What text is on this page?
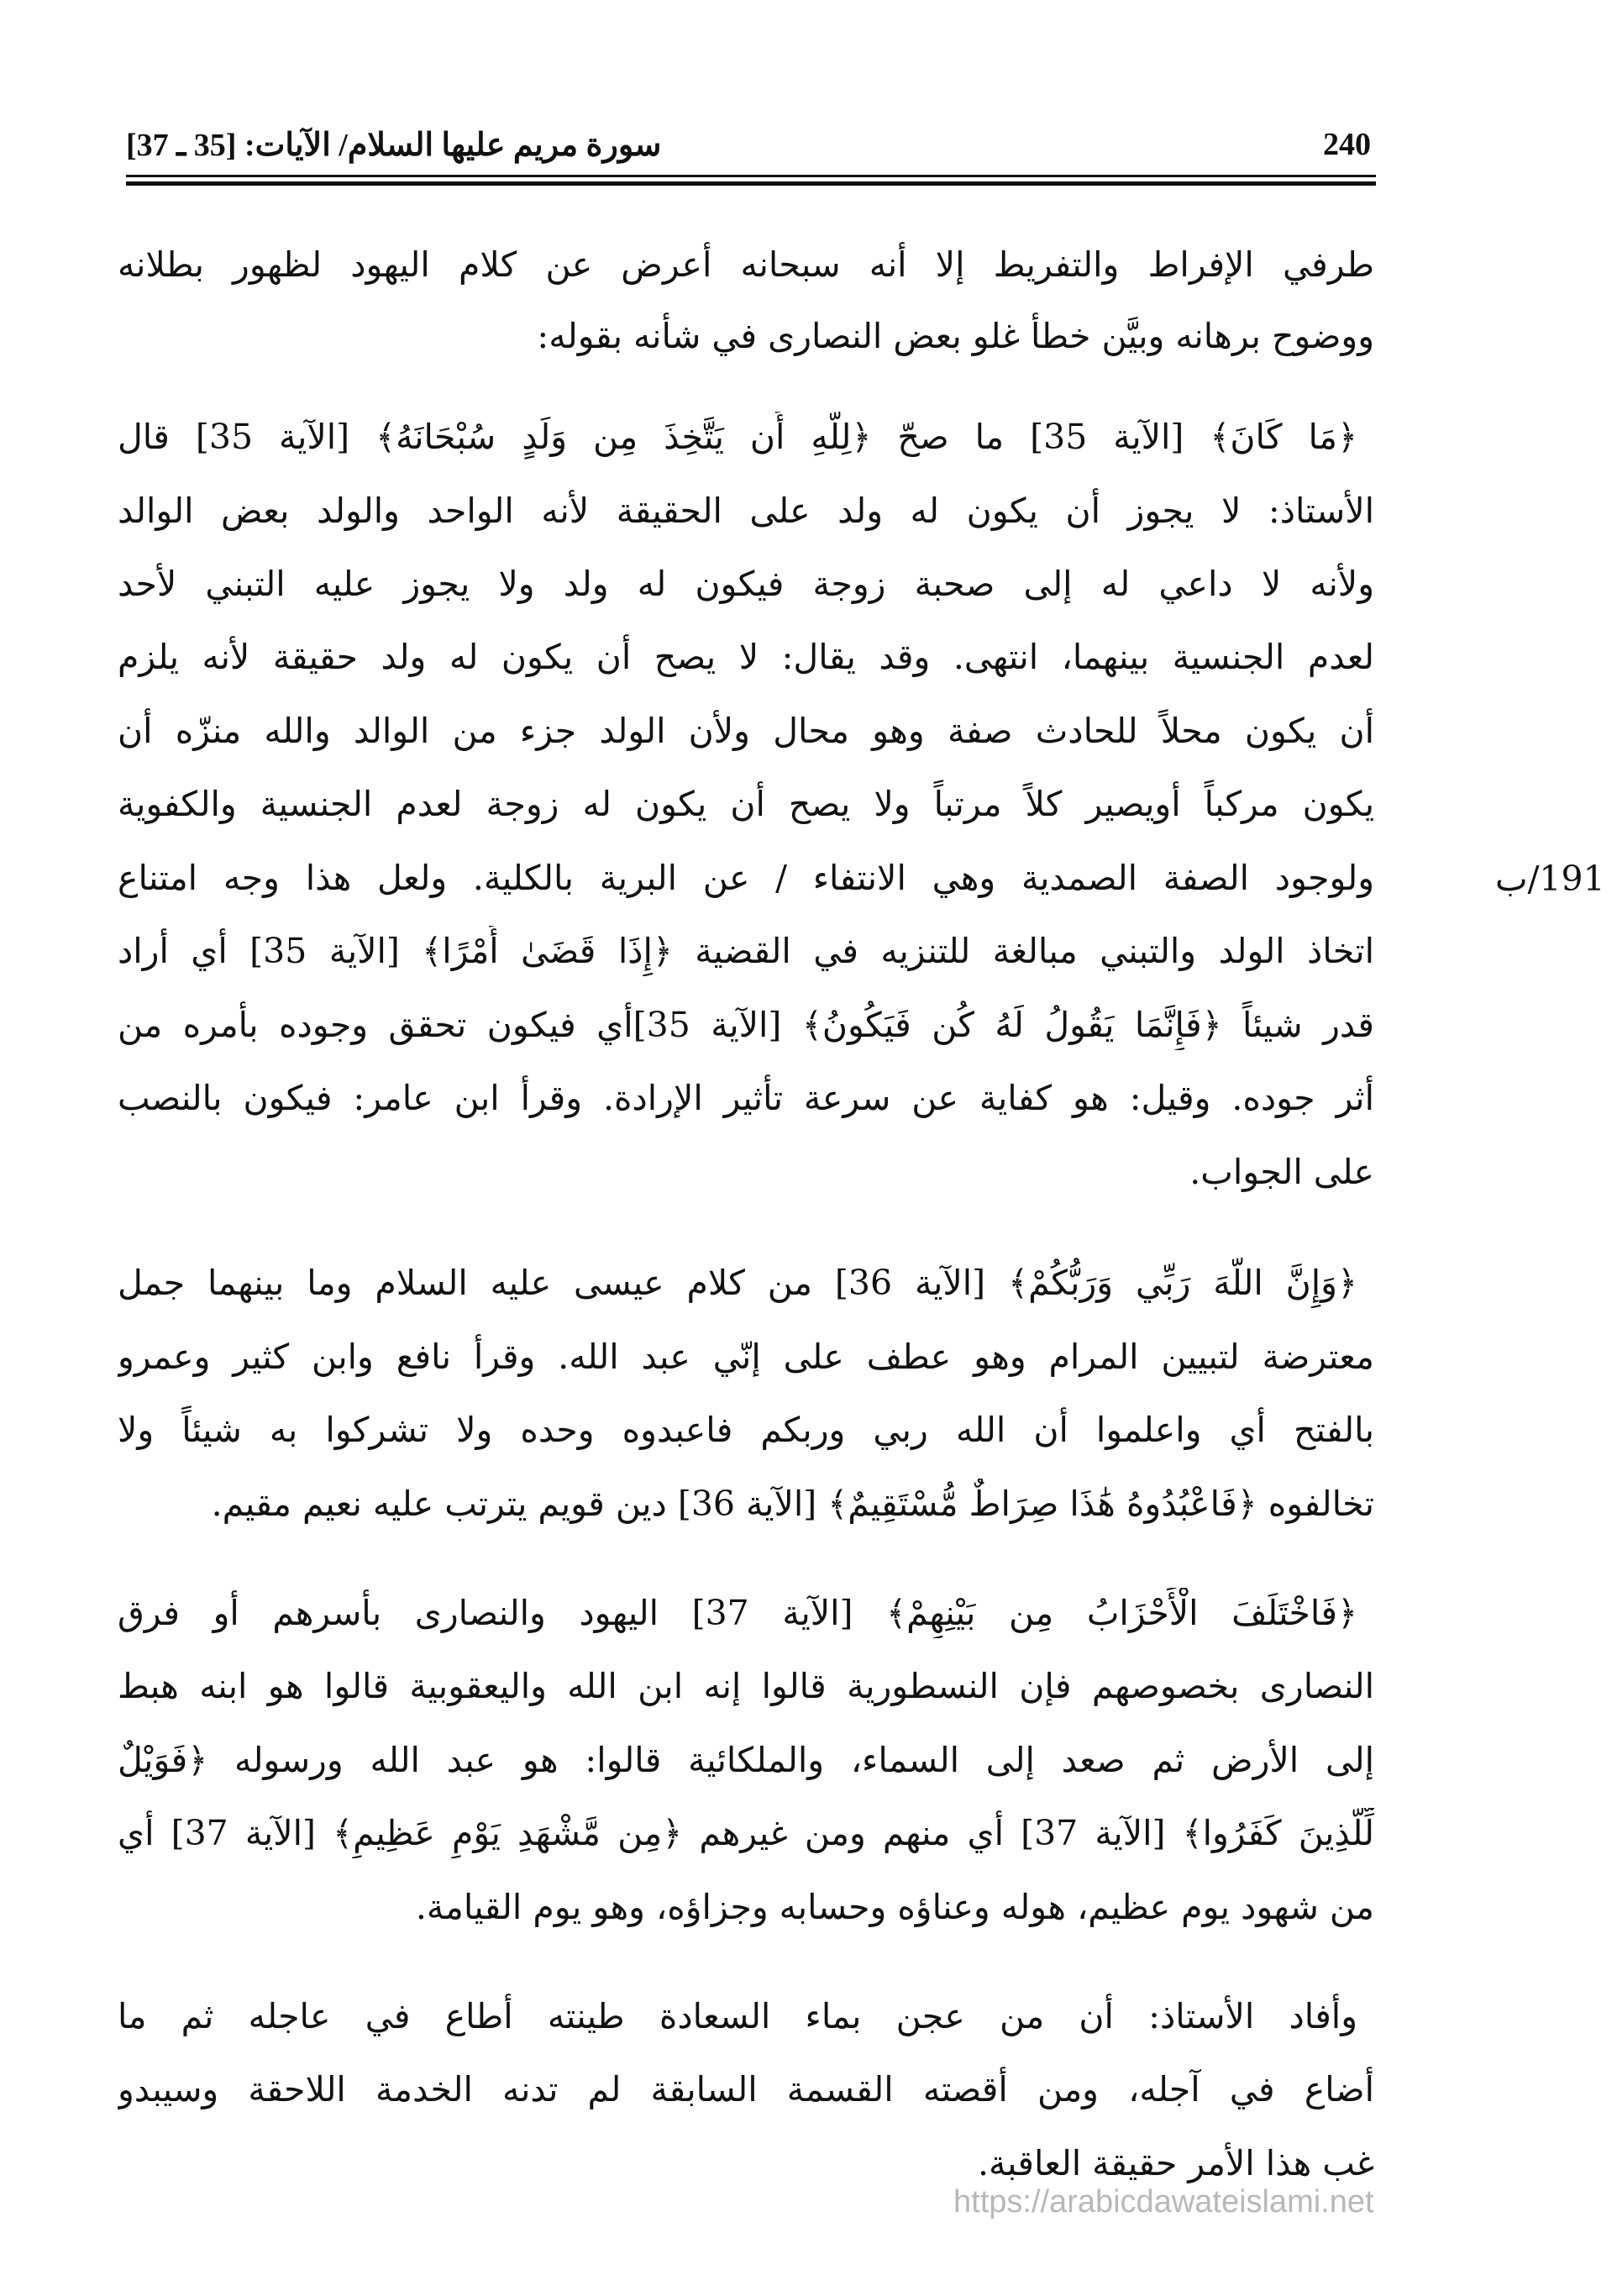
240
سورة مريم عليها السلام/ الآيات: [35 ـ 37]
191/ب
طرفي الإفراط والتفريط إلا أنه سبحانه أعرض عن كلام اليهود لظهور بطلانه
ووضوح برهانه وبيَّن خطأ غلو بعض النصارى في شأنه بقوله:
﴿مَا كَانَ﴾ [الآية 35] ما صحّ ﴿لِلَّهِ أَن يَتَّخِذَ مِن وَلَدٍ سُبْحَانَهُ﴾ [الآية 35] قال
الأستاذ: لا يجوز أن يكون له ولد على الحقيقة لأنه الواحد والولد بعض الوالد
ولأنه لا داعي له إلى صحبة زوجة فيكون له ولد ولا يجوز عليه التبني لأحد
لعدم الجنسية بينهما، انتهى. وقد يقال: لا يصح أن يكون له ولد حقيقة لأنه يلزم
أن يكون محلاً للحادث صفة وهو محال ولأن الولد جزء من الوالد والله منزّه أن
يكون مركباً أويصير كلاً مرتباً ولا يصح أن يكون له زوجة لعدم الجنسية والكفوية
ولوجود الصفة الصمدية وهي الانتفاء / عن البرية بالكلية. ولعل هذا وجه امتناع
اتخاذ الولد والتبني مبالغة للتنزيه في القضية ﴿إِذَا قَضَىٰ أَمْرًا﴾ [الآية 35] أي أراد
قدر شيئاً ﴿فَإِنَّمَا يَقُولُ لَهُ كُن فَيَكُونُ﴾ [الآية 35]أي فيكون تحقق وجوده بأمره من
أثر جوده. وقيل: هو كفاية عن سرعة تأثير الإرادة. وقرأ ابن عامر: فيكون بالنصب
على الجواب.
﴿وَإِنَّ اللَّهَ رَبِّي وَرَبُّكُمْ﴾ [الآية 36] من كلام عيسى عليه السلام وما بينهما جمل
معترضة لتبيين المرام وهو عطف على إنّي عبد الله. وقرأ نافع وابن كثير وعمرو
بالفتح أي واعلموا أن الله ربي وربكم فاعبدوه وحده ولا تشركوا به شيئاً ولا
تخالفوه ﴿فَاعْبُدُوهُ هَٰذَا صِرَاطٌ مُّسْتَقِيمٌ﴾ [الآية 36] دين قويم يترتب عليه نعيم مقيم.
﴿فَاخْتَلَفَ الْأَحْزَابُ مِن بَيْنِهِمْ﴾ [الآية 37] اليهود والنصارى بأسرهم أو فرق
النصارى بخصوصهم فإن النسطورية قالوا إنه ابن الله واليعقوبية قالوا هو ابنه هبط
إلى الأرض ثم صعد إلى السماء، والملكائية قالوا: هو عبد الله ورسوله ﴿فَوَيْلٌ
لِّلَّذِينَ كَفَرُوا﴾ [الآية 37] أي منهم ومن غيرهم ﴿مِن مَّشْهَدِ يَوْمٍ عَظِيمٍ﴾ [الآية 37] أي
من شهود يوم عظيم، هوله وعناؤه وحسابه وجزاؤه، وهو يوم القيامة.
وأفاد الأستاذ: أن من عجن بماء السعادة طينته أطاع في عاجله ثم ما
أضاع في آجله، ومن أقصته القسمة السابقة لم تدنه الخدمة اللاحقة وسيبدو
غب هذا الأمر حقيقة العاقبة.
https://arabicdawateislami.net
